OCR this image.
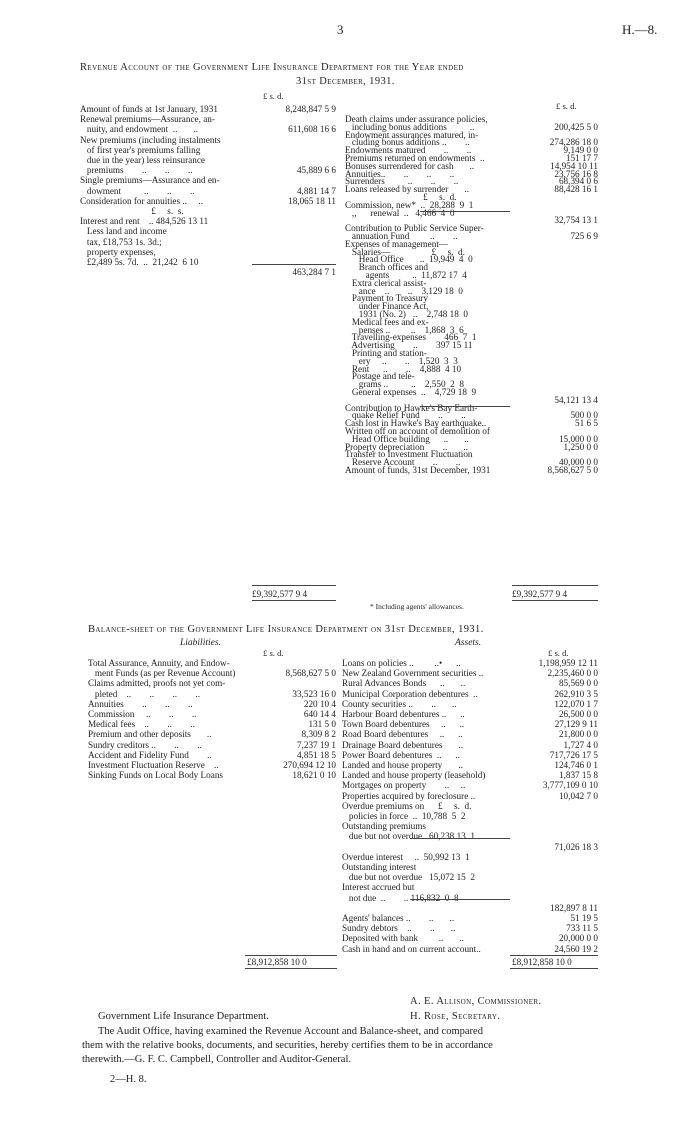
3	H.—8.
Revenue Account of the Government Life Insurance Department for the Year ended
31st December, 1931.
£ s. d.
£ s. d.
Amount of funds at 1st January, 1931	8,248,847 5 9
Renewal premiums—Assurance, an-
nuity, and endowment  ..       ..	611,608 16 6
New premiums (including instalments
of first year's premiums falling
due in the year) less reinsurance
premiums        ..        ..        ..	45,889 6 6
Single premiums—Assurance and en-
dowment          ..        ..        ..	4,881 14 7
Consideration for annuities ..     ..	18,065 18 11
£     s.  s.
Interest and rent    .. 484,526 13 11
Less land and income
tax, £18,753 1s. 3d.;
property expenses,
£2,489 5s. 7d.  ..  21,242  6 10
463,284 7 1
Death claims under assurance policies,
including bonus additions          ..	200,425 5 0
Endowment assurances matured, in-
cluding bonus additions ..        ..	274,286 18 0
Endowments matured        ..        ..	9,149 0 0
Premiums returned on endowments  ..	151 17 7
Bonuses surrendered for cash       ..	14,954 10 11
Annuities..        ..        ..        ..	23,756 16 8
Surrenders          ..        ..        ..	68,394 0 6
Loans released by surrender       ..	88,428 16 1
£     s.  d.
Commission, new*  ..  28,288  9  1
,,      renewal  ..   4,466  4  0
32,754 13 1
Contribution to Public Service Super-
annuation Fund         ..        ..	725 6 9
Expenses of management—
Salaries—                  £     s.  d.
Head Office       ..  19,949  4  0
Branch offices and
agents          ..  11,872 17  4
Extra clerical assist-
ance    ..        ..    3,129 18  0
Payment to Treasury
under Finance Act,
1931 (No. 2)   ..    2,748 18  0
Medical fees and ex-
penses ..         ..    1,868  3  6
Travelling-expenses        466  7  1
Advertising        ..        397 15 11
Printing and station-
ery     ..        ..    1,520  3  3
Rent      ..        ..    4,888  4 10
Postage and tele-
grams ..          ..    2,550  2  8
General expenses  ..    4,729 18  9
54,121 13 4
Contribution to Hawke's Bay Earth-
quake Relief Fund        ..        ..	500 0 0
Cash lost in Hawke's Bay earthquake..	51 6 5
Written off on account of demolition of
Head Office building      ..       ..	15,000 0 0
Property depreciation        ..       ..	1,250 0 0
Transfer to Investment Fluctuation
Reserve Account        ..        ..	40,000 0 0
Amount of funds, 31st December, 1931	8,568,627 5 0
£9,392,577 9 4	£9,392,577 9 4
* Including agents' allowances.
Balance-sheet of the Government Life Insurance Department on 31st December, 1931.
Liabilities.	Assets.
£ s. d.	£ s. d.
Total Assurance, Annuity, and Endow-
ment Funds (as per Revenue Account)	8,568,627 5 0
Claims admitted, proofs not yet com-
pleted    ..        ..        ..        ..	33,523 16 0
Annuities        ..        ..        ..	220 10 4
Commission     ..        ..        ..	640 14 4
Medical fees    ..        ..        ..	131 5 0
Premium and other deposits       ..	8,309 8 2
Sundry creditors ..        ..        ..	7,237 19 1
Accident and Fidelity Fund        ..	4,851 18 5
Investment Fluctuation Reserve    ..	270,694 12 10
Sinking Funds on Local Body Loans	18,621 0 10
Loans on policies ..         ..•      ..	1,198,959 12 11
New Zealand Government securities ..	2,235,460 0 0
Rural Advances Bonds      ..       ..	85,569 0 0
Municipal Corporation debentures  ..	262,910 3 5
County securities ..        ..       ..	122,070 1 7
Harbour Board debentures ..      ..	26,500 0 0
Town Board debentures     ..      ..	27,129 9 11
Road Board debentures     ..      ..	21,800 0 0
Drainage Board debentures       ..	1,727 4 0
Power Board debentures  ..      ..	717,726 17 5
Landed and house property       ..	124,746 0 1
Landed and house property (leasehold)	1,837 15 8
Mortgages on property        ..     ..	3,777,109 0 10
Properties acquired by foreclosure ..	10,042 7 0
Overdue premiums on      £     s.  d.
policies in force  ..  10,788  5  2
Outstanding premiums
due but not overdue   60,238 13  1
71,026 18 3
Overdue interest     ..  50,992 13  1
Outstanding interest
due but not overdue   15,072 15  2
Interest accrued but
not due  ..        .. 116,832  0  8
182,897 8 11
Agents' balances ..        ..       ..	51 19 5
Sundry debtors    ..        ..       ..	733 11 5
Deposited with bank         ..       ..	20,000 0 0
Cash in hand and on current account..	24,560 19 2
£8,912,858 10 0	£8,912,858 10 0
A. E. Allison, Commissioner.
Government Life Insurance Department.	H. Rose, Secretary.
The Audit Office, having examined the Revenue Account and Balance-sheet, and compared
them with the relative books, documents, and securities, hereby certifies them to be in accordance
therewith.—G. F. C. Campbell, Controller and Auditor-General.
2—H. 8.
